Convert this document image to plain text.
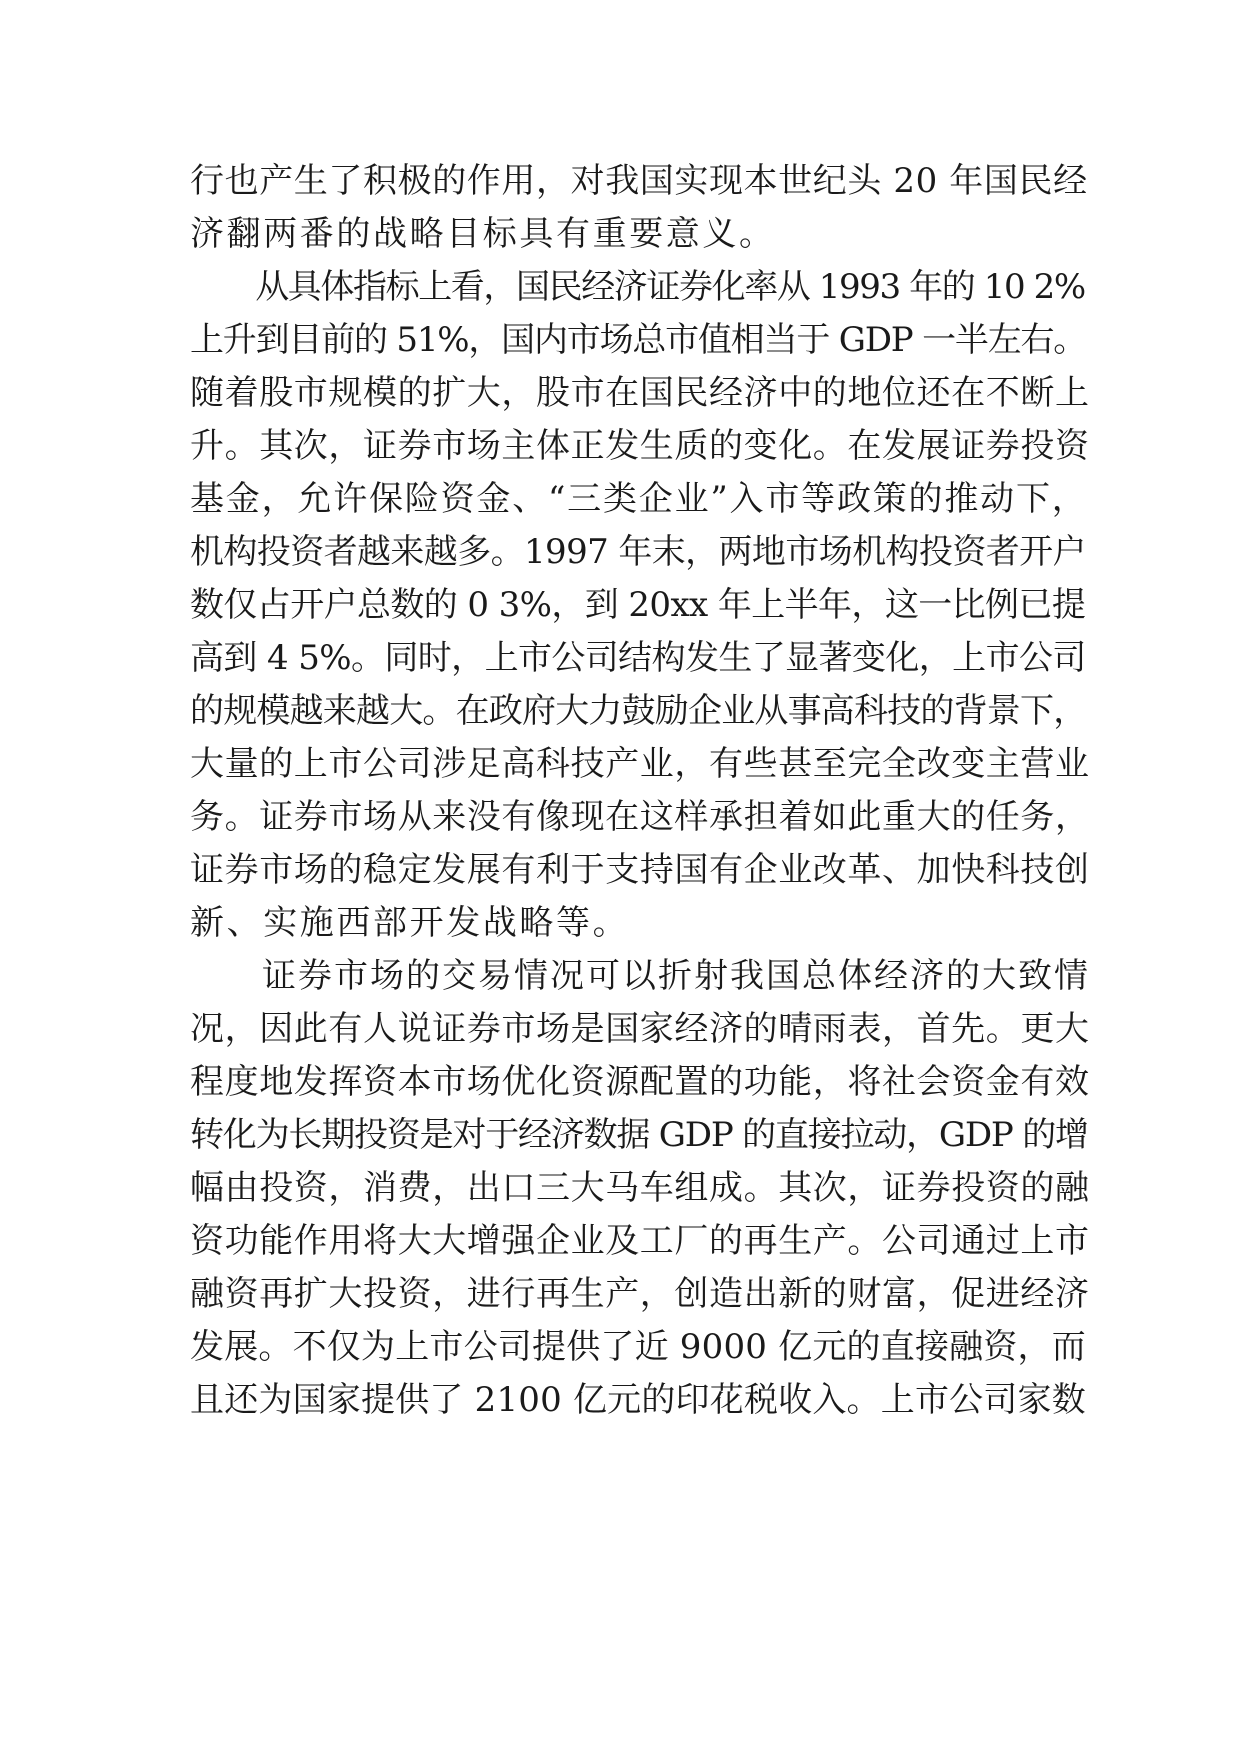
行也产生了积极的作用，对我国实现本世纪头 20 年国民经
济翻两番的战略目标具有重要意义。
　　从具体指标上看，国民经济证券化率从 1993 年的 10 2%
上升到目前的 51%，国内市场总市值相当于 GDP 一半左右。
随着股市规模的扩大，股市在国民经济中的地位还在不断上
升。其次，证券市场主体正发生质的变化。在发展证券投资
基金，允许保险资金、“三类企业”入市等政策的推动下，
机构投资者越来越多。1997 年末，两地市场机构投资者开户
数仅占开户总数的 0 3%，到 20xx 年上半年，这一比例已提
高到 4 5%。同时，上市公司结构发生了显著变化，上市公司
的规模越来越大。在政府大力鼓励企业从事高科技的背景下，
大量的上市公司涉足高科技产业，有些甚至完全改变主营业
务。证券市场从来没有像现在这样承担着如此重大的任务，
证券市场的稳定发展有利于支持国有企业改革、加快科技创
新、实施西部开发战略等。
　　证券市场的交易情况可以折射我国总体经济的大致情
况，因此有人说证券市场是国家经济的晴雨表，首先。更大
程度地发挥资本市场优化资源配置的功能，将社会资金有效
转化为长期投资是对于经济数据 GDP 的直接拉动，GDP 的增
幅由投资，消费，出口三大马车组成。其次，证券投资的融
资功能作用将大大增强企业及工厂的再生产。公司通过上市
融资再扩大投资，进行再生产，创造出新的财富，促进经济
发展。不仅为上市公司提供了近 9000 亿元的直接融资，而
且还为国家提供了 2100 亿元的印花税收入。上市公司家数
